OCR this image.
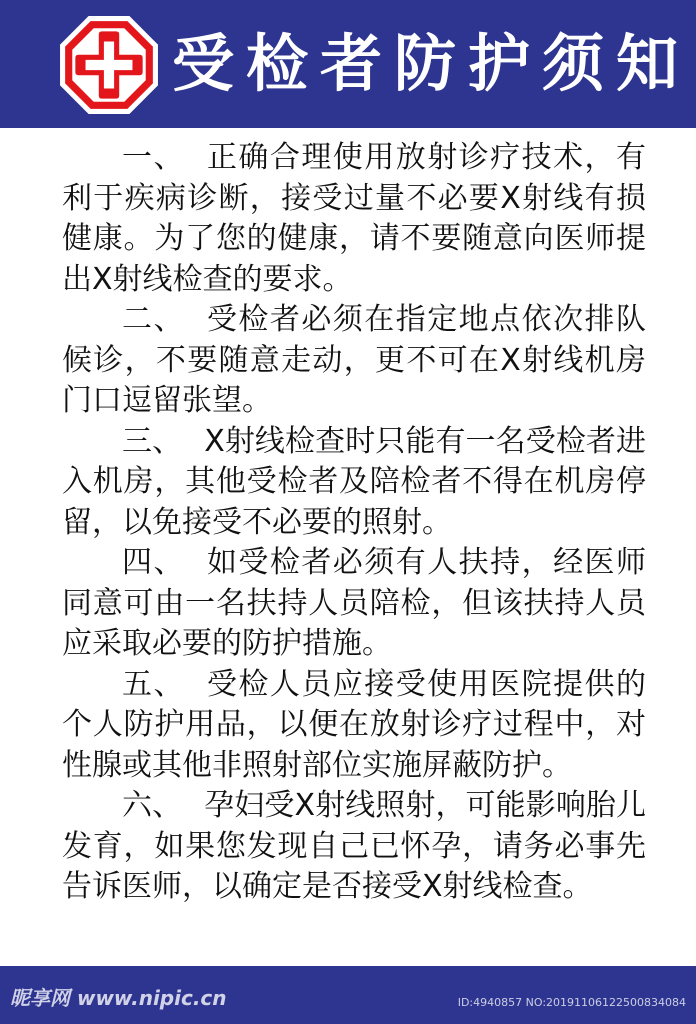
受检者防护须知

一、 正确合理使用放射诊疗技术，有利于疾病诊断，接受过量不必要X射线有损健康。为了您的健康，请不要随意向医师提出X射线检查的要求。

二、 受检者必须在指定地点依次排队候诊，不要随意走动，更不可在X射线机房门口逗留张望。

三、 X射线检查时只能有一名受检者进入机房，其他受检者及陪检者不得在机房停留，以免接受不必要的照射。

四、 如受检者必须有人扶持，经医师同意可由一名扶持人员陪检，但该扶持人员应采取必要的防护措施。

五、 受检人员应接受使用医院提供的个人防护用品，以便在放射诊疗过程中，对性腺或其他非照射部位实施屏蔽防护。

六、 孕妇受X射线照射，可能影响胎儿发育，如果您发现自己已怀孕，请务必事先告诉医师，以确定是否接受X射线检查。

昵享网 www.nipic.cn	ID:4940857 NO:20191106122500834084
